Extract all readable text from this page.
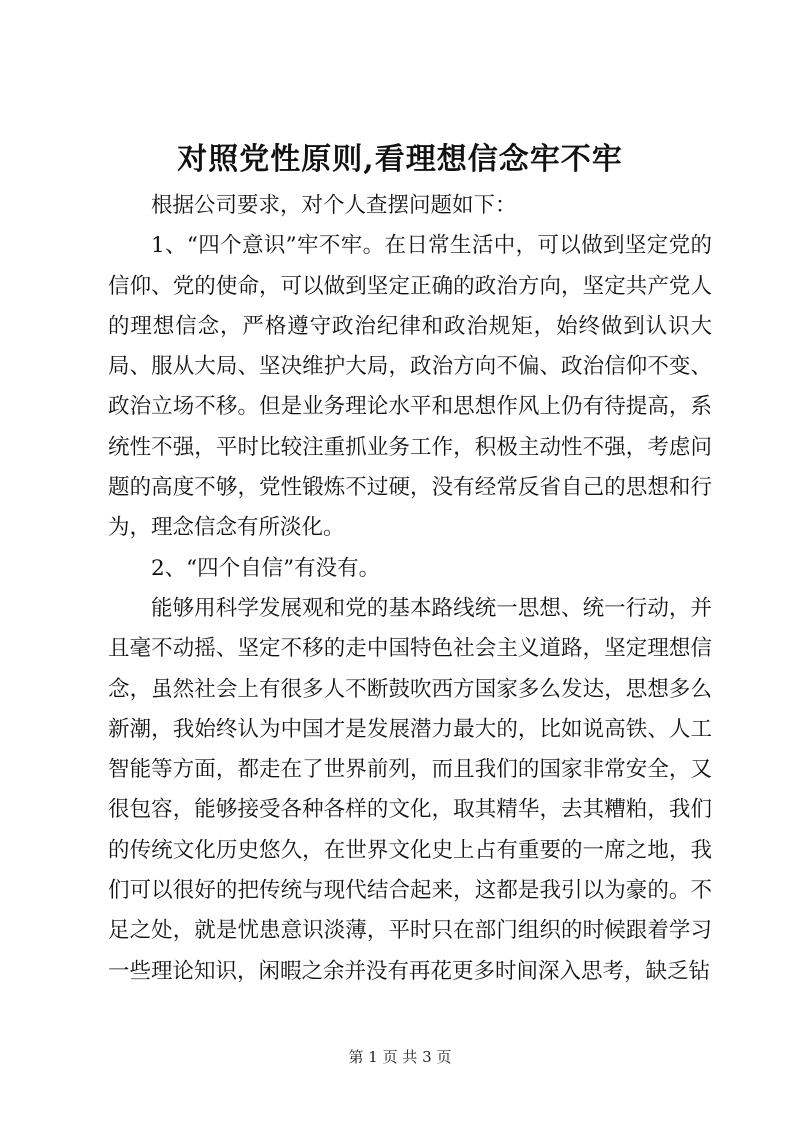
对照党性原则,看理想信念牢不牢

根据公司要求，对个人查摆问题如下：

1、“四个意识”牢不牢。在日常生活中，可以做到坚定党的信仰、党的使命，可以做到坚定正确的政治方向，坚定共产党人的理想信念，严格遵守政治纪律和政治规矩，始终做到认识大局、服从大局、坚决维护大局，政治方向不偏、政治信仰不变、政治立场不移。但是业务理论水平和思想作风上仍有待提高，系统性不强，平时比较注重抓业务工作，积极主动性不强，考虑问题的高度不够，党性锻炼不过硬，没有经常反省自己的思想和行为，理念信念有所淡化。

2、“四个自信”有没有。

能够用科学发展观和党的基本路线统一思想、统一行动，并且毫不动摇、坚定不移的走中国特色社会主义道路，坚定理想信念，虽然社会上有很多人不断鼓吹西方国家多么发达，思想多么新潮，我始终认为中国才是发展潜力最大的，比如说高铁、人工智能等方面，都走在了世界前列，而且我们的国家非常安全，又很包容，能够接受各种各样的文化，取其精华，去其糟粕，我们的传统文化历史悠久，在世界文化史上占有重要的一席之地，我们可以很好的把传统与现代结合起来，这都是我引以为豪的。不足之处，就是忧患意识淡薄，平时只在部门组织的时候跟着学习一些理论知识，闲暇之余并没有再花更多时间深入思考，缺乏钻

第 1 页 共 3 页
